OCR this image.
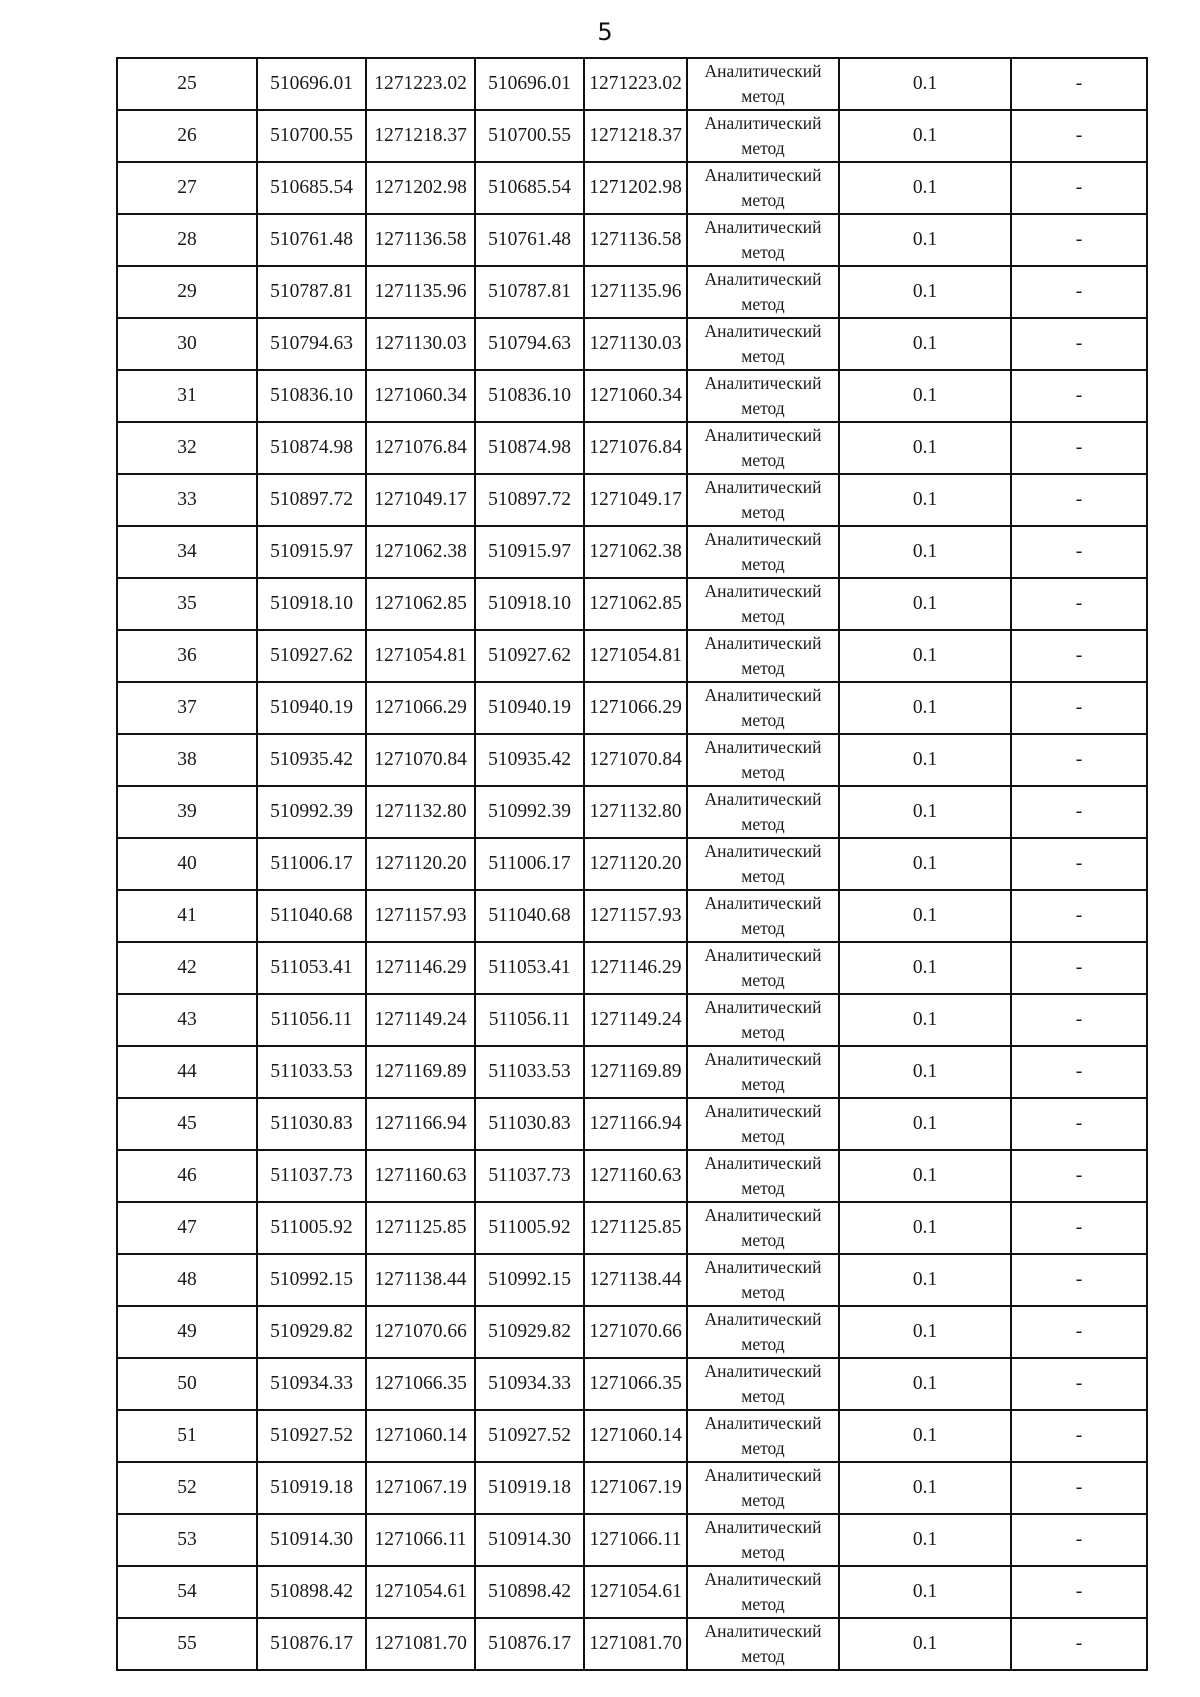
5
25	510696.01	1271223.02	510696.01	1271223.02	Аналитический
метод	0.1	-
26	510700.55	1271218.37	510700.55	1271218.37	Аналитический
метод	0.1	-
27	510685.54	1271202.98	510685.54	1271202.98	Аналитический
метод	0.1	-
28	510761.48	1271136.58	510761.48	1271136.58	Аналитический
метод	0.1	-
29	510787.81	1271135.96	510787.81	1271135.96	Аналитический
метод	0.1	-
30	510794.63	1271130.03	510794.63	1271130.03	Аналитический
метод	0.1	-
31	510836.10	1271060.34	510836.10	1271060.34	Аналитический
метод	0.1	-
32	510874.98	1271076.84	510874.98	1271076.84	Аналитический
метод	0.1	-
33	510897.72	1271049.17	510897.72	1271049.17	Аналитический
метод	0.1	-
34	510915.97	1271062.38	510915.97	1271062.38	Аналитический
метод	0.1	-
35	510918.10	1271062.85	510918.10	1271062.85	Аналитический
метод	0.1	-
36	510927.62	1271054.81	510927.62	1271054.81	Аналитический
метод	0.1	-
37	510940.19	1271066.29	510940.19	1271066.29	Аналитический
метод	0.1	-
38	510935.42	1271070.84	510935.42	1271070.84	Аналитический
метод	0.1	-
39	510992.39	1271132.80	510992.39	1271132.80	Аналитический
метод	0.1	-
40	511006.17	1271120.20	511006.17	1271120.20	Аналитический
метод	0.1	-
41	511040.68	1271157.93	511040.68	1271157.93	Аналитический
метод	0.1	-
42	511053.41	1271146.29	511053.41	1271146.29	Аналитический
метод	0.1	-
43	511056.11	1271149.24	511056.11	1271149.24	Аналитический
метод	0.1	-
44	511033.53	1271169.89	511033.53	1271169.89	Аналитический
метод	0.1	-
45	511030.83	1271166.94	511030.83	1271166.94	Аналитический
метод	0.1	-
46	511037.73	1271160.63	511037.73	1271160.63	Аналитический
метод	0.1	-
47	511005.92	1271125.85	511005.92	1271125.85	Аналитический
метод	0.1	-
48	510992.15	1271138.44	510992.15	1271138.44	Аналитический
метод	0.1	-
49	510929.82	1271070.66	510929.82	1271070.66	Аналитический
метод	0.1	-
50	510934.33	1271066.35	510934.33	1271066.35	Аналитический
метод	0.1	-
51	510927.52	1271060.14	510927.52	1271060.14	Аналитический
метод	0.1	-
52	510919.18	1271067.19	510919.18	1271067.19	Аналитический
метод	0.1	-
53	510914.30	1271066.11	510914.30	1271066.11	Аналитический
метод	0.1	-
54	510898.42	1271054.61	510898.42	1271054.61	Аналитический
метод	0.1	-
55	510876.17	1271081.70	510876.17	1271081.70	Аналитический
метод	0.1	-
